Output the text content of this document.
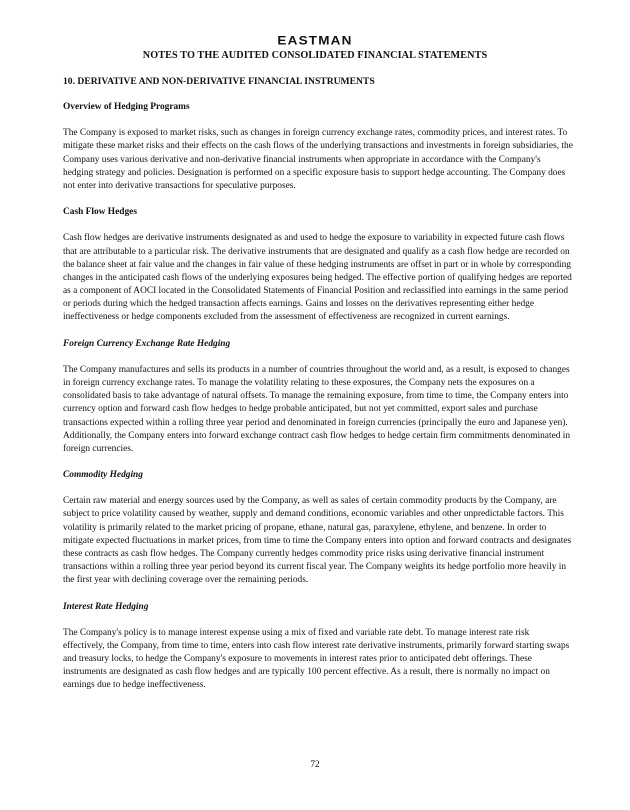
EASTMAN
NOTES TO THE AUDITED CONSOLIDATED FINANCIAL STATEMENTS
10. DERIVATIVE AND NON-DERIVATIVE FINANCIAL INSTRUMENTS
Overview of Hedging Programs

The Company is exposed to market risks, such as changes in foreign currency exchange rates, commodity prices, and interest rates. To mitigate these market risks and their effects on the cash flows of the underlying transactions and investments in foreign subsidiaries, the Company uses various derivative and non-derivative financial instruments when appropriate in accordance with the Company's hedging strategy and policies. Designation is performed on a specific exposure basis to support hedge accounting. The Company does not enter into derivative transactions for speculative purposes.

Cash Flow Hedges

Cash flow hedges are derivative instruments designated as and used to hedge the exposure to variability in expected future cash flows that are attributable to a particular risk. The derivative instruments that are designated and qualify as a cash flow hedge are recorded on the balance sheet at fair value and the changes in fair value of these hedging instruments are offset in part or in whole by corresponding changes in the anticipated cash flows of the underlying exposures being hedged. The effective portion of qualifying hedges are reported as a component of AOCI located in the Consolidated Statements of Financial Position and reclassified into earnings in the same period or periods during which the hedged transaction affects earnings. Gains and losses on the derivatives representing either hedge ineffectiveness or hedge components excluded from the assessment of effectiveness are recognized in current earnings.

Foreign Currency Exchange Rate Hedging

The Company manufactures and sells its products in a number of countries throughout the world and, as a result, is exposed to changes in foreign currency exchange rates. To manage the volatility relating to these exposures, the Company nets the exposures on a consolidated basis to take advantage of natural offsets. To manage the remaining exposure, from time to time, the Company enters into currency option and forward cash flow hedges to hedge probable anticipated, but not yet committed, export sales and purchase transactions expected within a rolling three year period and denominated in foreign currencies (principally the euro and Japanese yen). Additionally, the Company enters into forward exchange contract cash flow hedges to hedge certain firm commitments denominated in foreign currencies.

Commodity Hedging

Certain raw material and energy sources used by the Company, as well as sales of certain commodity products by the Company, are subject to price volatility caused by weather, supply and demand conditions, economic variables and other unpredictable factors. This volatility is primarily related to the market pricing of propane, ethane, natural gas, paraxylene, ethylene, and benzene. In order to mitigate expected fluctuations in market prices, from time to time the Company enters into option and forward contracts and designates these contracts as cash flow hedges. The Company currently hedges commodity price risks using derivative financial instrument transactions within a rolling three year period beyond its current fiscal year. The Company weights its hedge portfolio more heavily in the first year with declining coverage over the remaining periods.

Interest Rate Hedging

The Company's policy is to manage interest expense using a mix of fixed and variable rate debt. To manage interest rate risk effectively, the Company, from time to time, enters into cash flow interest rate derivative instruments, primarily forward starting swaps and treasury locks, to hedge the Company's exposure to movements in interest rates prior to anticipated debt offerings. These instruments are designated as cash flow hedges and are typically 100 percent effective. As a result, there is normally no impact on earnings due to hedge ineffectiveness.

72
